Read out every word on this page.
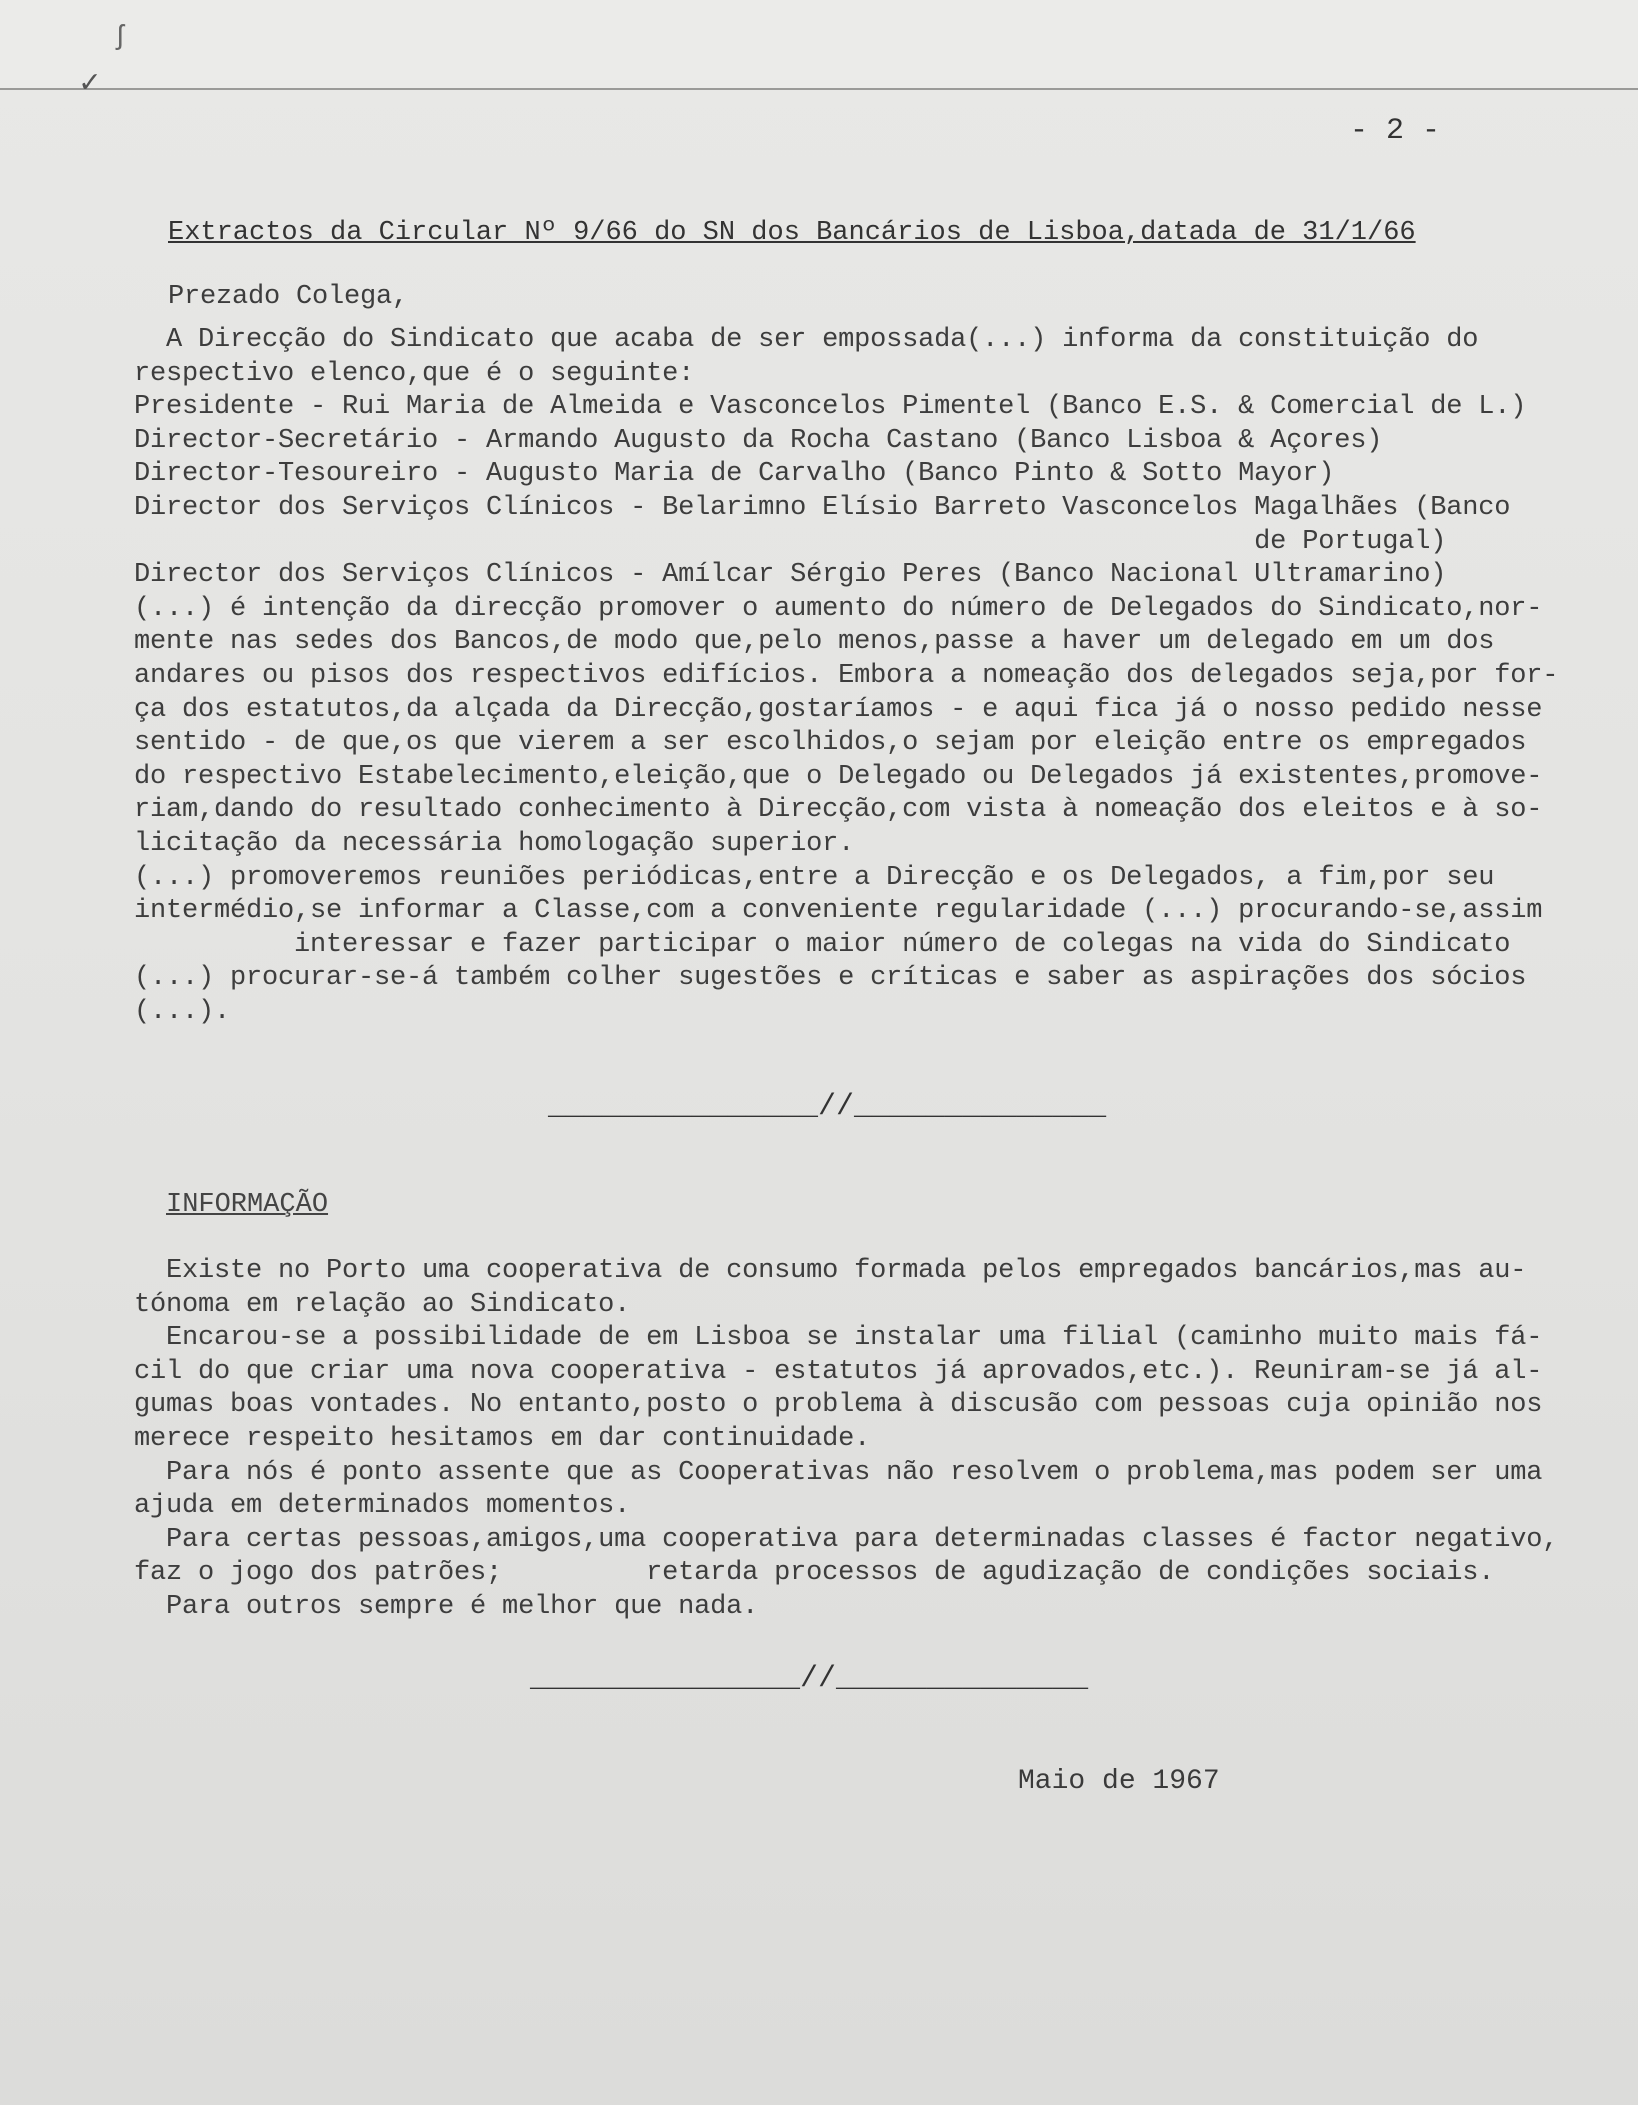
ʃ
✓
- 2 -
Extractos da Circular Nº 9/66 do SN dos Bancários de Lisboa,datada de 31/1/66
Prezado Colega,
A Direcção do Sindicato que acaba de ser empossada(...) informa da constituição do
respectivo elenco,que é o seguinte:
Presidente - Rui Maria de Almeida e Vasconcelos Pimentel (Banco E.S. & Comercial de L.)
Director-Secretário - Armando Augusto da Rocha Castano (Banco Lisboa & Açores)
Director-Tesoureiro - Augusto Maria de Carvalho (Banco Pinto & Sotto Mayor)
Director dos Serviços Clínicos - Belarimno Elísio Barreto Vasconcelos Magalhães (Banco
de Portugal)
Director dos Serviços Clínicos - Amílcar Sérgio Peres (Banco Nacional Ultramarino)
(...) é intenção da direcção promover o aumento do número de Delegados do Sindicato,nor-
mente nas sedes dos Bancos,de modo que,pelo menos,passe a haver um delegado em um dos
andares ou pisos dos respectivos edifícios. Embora a nomeação dos delegados seja,por for-
ça dos estatutos,da alçada da Direcção,gostaríamos - e aqui fica já o nosso pedido nesse
sentido - de que,os que vierem a ser escolhidos,o sejam por eleição entre os empregados
do respectivo Estabelecimento,eleição,que o Delegado ou Delegados já existentes,promove-
riam,dando do resultado conhecimento à Direcção,com vista à nomeação dos eleitos e à so-
licitação da necessária homologação superior.
(...) promoveremos reuniões periódicas,entre a Direcção e os Delegados, a fim,por seu
intermédio,se informar a Classe,com a conveniente regularidade (...) procurando-se,assim
interessar e fazer participar o maior número de colegas na vida do Sindicato
(...) procurar-se-á também colher sugestões e críticas e saber as aspirações dos sócios
(...).
_______________//______________
INFORMAÇÃO
Existe no Porto uma cooperativa de consumo formada pelos empregados bancários,mas au-
tónoma em relação ao Sindicato.
Encarou-se a possibilidade de em Lisboa se instalar uma filial (caminho muito mais fá-
cil do que criar uma nova cooperativa - estatutos já aprovados,etc.). Reuniram-se já al-
gumas boas vontades. No entanto,posto o problema à discusão com pessoas cuja opinião nos
merece respeito hesitamos em dar continuidade.
Para nós é ponto assente que as Cooperativas não resolvem o problema,mas podem ser uma
ajuda em determinados momentos.
Para certas pessoas,amigos,uma cooperativa para determinadas classes é factor negativo,
faz o jogo dos patrões;         retarda processos de agudização de condições sociais.
Para outros sempre é melhor que nada.
_______________//______________
Maio de 1967
